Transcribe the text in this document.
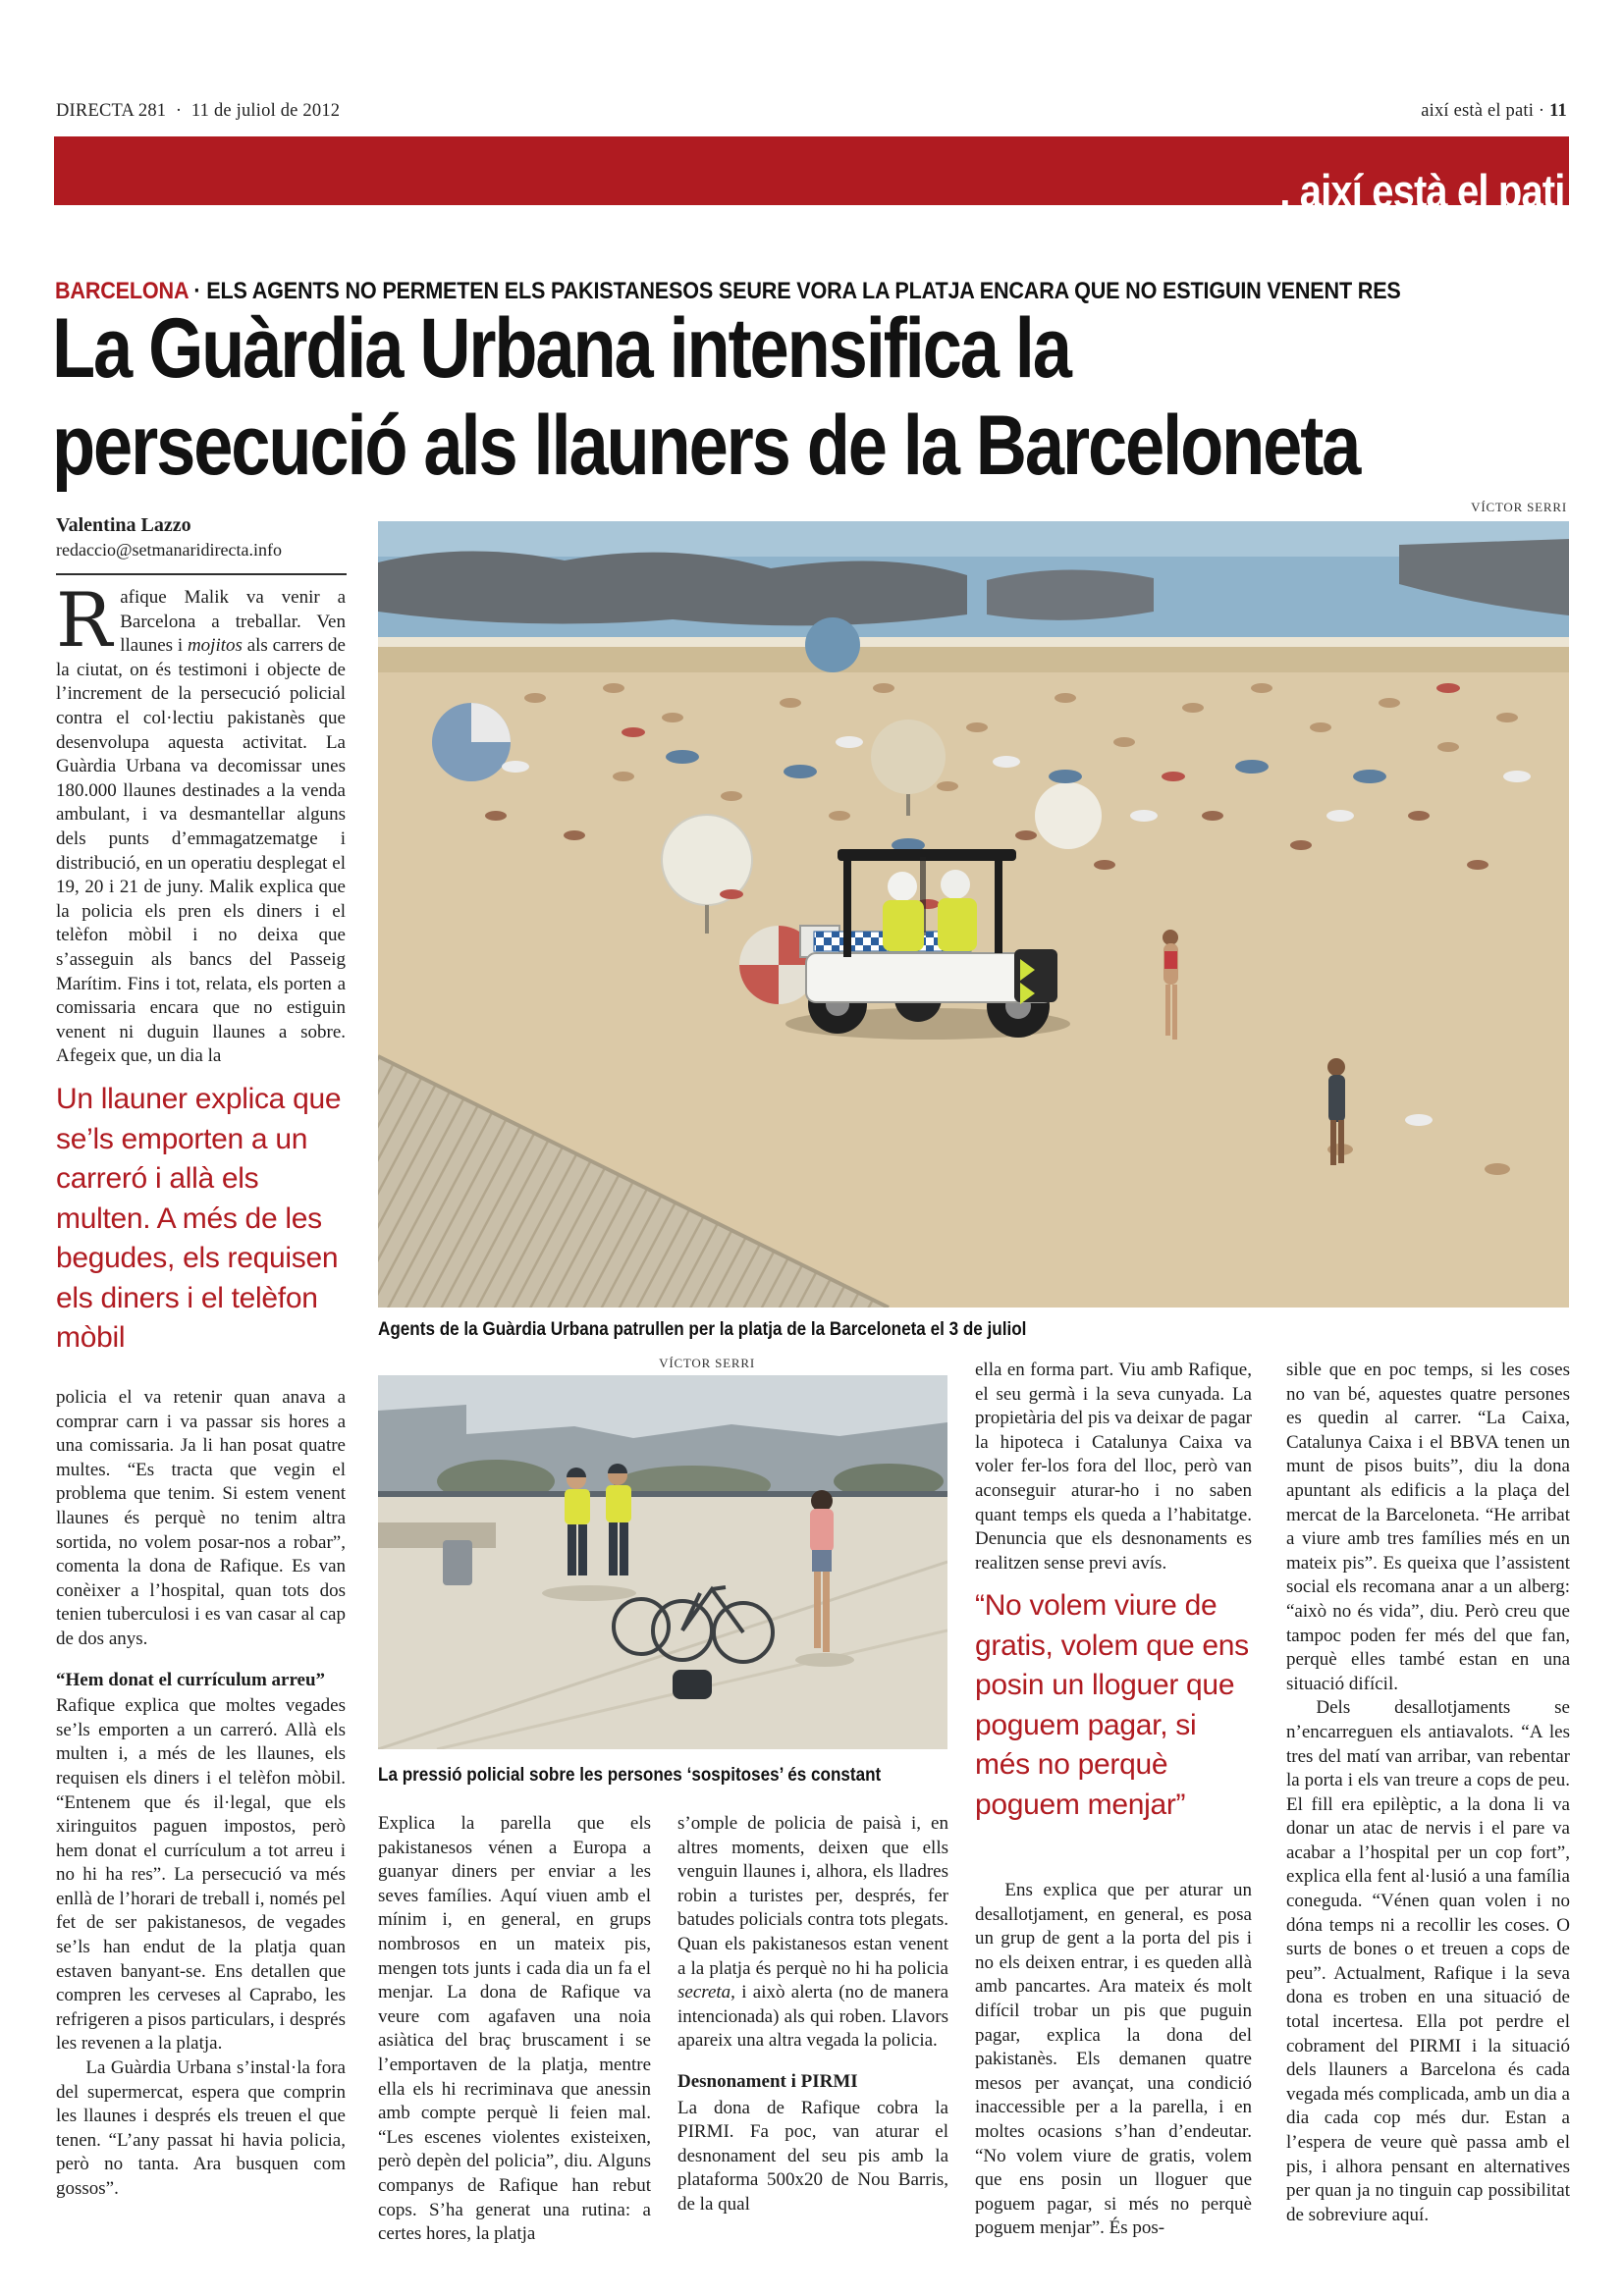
DIRECTA 281 · 11 de juliol de 2012	així està el pati · 11
, així està el pati
BARCELONA · ELS AGENTS NO PERMETEN ELS PAKISTANESOS SEURE VORA LA PLATJA ENCARA QUE NO ESTIGUIN VENENT RES
La Guàrdia Urbana intensifica la
persecució als llauners de la Barceloneta
Valentina Lazzo
redaccio@setmanaridirecta.info
VÍCTOR SERRI
Agents de la Guàrdia Urbana patrullen per la platja de la Barceloneta el 3 de juliol

Rafique Malik va venir a Barcelona a treballar. Ven llaunes i mojitos als carrers de la ciutat, on és testimoni i objecte de l’increment de la persecució policial contra el col·lectiu pakistanès que desenvolupa aquesta activitat. La Guàrdia Urbana va decomissar unes 180.000 llaunes destinades a la venda ambulant, i va desmantellar alguns dels punts d’emmagatzematge i distribució, en un operatiu desplegat el 19, 20 i 21 de juny. Malik explica que la policia els pren els diners i el telèfon mòbil i no deixa que s’asseguin als bancs del Passeig Marítim. Fins i tot, relata, els porten a comissaria encara que no estiguin venent ni duguin llaunes a sobre. Afegeix que, un dia la

Un llauner explica que se’ls emporten a un carreró i allà els multen. A més de les begudes, els requisen els diners i el telèfon mòbil

policia el va retenir quan anava a comprar carn i va passar sis hores a una comissaria. Ja li han posat quatre multes. “Es tracta que vegin el problema que tenim. Si estem venent llaunes és perquè no tenim altra sortida, no volem posar-nos a robar”, comenta la dona de Rafique. Es van conèixer a l’hospital, quan tots dos tenien tuberculosi i es van casar al cap de dos anys.

“Hem donat el currículum arreu”

Rafique explica que moltes vegades se’ls emporten a un carreró. Allà els multen i, a més de les llaunes, els requisen els diners i el telèfon mòbil. “Entenem que és il·legal, que els xiringuitos paguen impostos, però hem donat el currículum a tot arreu i no hi ha res”. La persecució va més enllà de l’horari de treball i, només pel fet de ser pakistanesos, de vegades se’ls han endut de la platja quan estaven banyant-se. Ens detallen que compren les cerveses al Caprabo, les refrigeren a pisos particulars, i després les revenen a la platja.

La Guàrdia Urbana s’instal·la fora del supermercat, espera que comprin les llaunes i després els treuen el que tenen. “L’any passat hi havia policia, però no tanta. Ara busquen com gossos”.

VÍCTOR SERRI
La pressió policial sobre les persones ‘sospitoses’ és constant

Explica la parella que els pakistanesos vénen a Europa a guanyar diners per enviar a les seves famílies. Aquí viuen amb el mínim i, en general, en grups nombrosos en un mateix pis, mengen tots junts i cada dia un fa el menjar. La dona de Rafique va veure com agafaven una noia asiàtica del braç bruscament i se l’emportaven de la platja, mentre ella els hi recriminava que anessin amb compte perquè li feien mal. “Les escenes violentes existeixen, però depèn del policia”, diu. Alguns companys de Rafique han rebut cops. S’ha generat una rutina: a certes hores, la platja

s’omple de policia de paisà i, en altres moments, deixen que ells venguin llaunes i, alhora, els lladres robin a turistes per, després, fer batudes policials contra tots plegats. Quan els pakistanesos estan venent a la platja és perquè no hi ha policia secreta, i això alerta (no de manera intencionada) als qui roben. Llavors apareix una altra vegada la policia.

Desnonament i PIRMI

La dona de Rafique cobra la PIRMI. Fa poc, van aturar el desnonament del seu pis amb la plataforma 500x20 de Nou Barris, de la qual

ella en forma part. Viu amb Rafique, el seu germà i la seva cunyada. La propietària del pis va deixar de pagar la hipoteca i Catalunya Caixa va voler fer-los fora del lloc, però van aconseguir aturar-ho i no saben quant temps els queda a l’habitatge. Denuncia que els desnonaments es realitzen sense previ avís.

“No volem viure de gratis, volem que ens posin un lloguer que poguem pagar, si més no perquè poguem menjar”

Ens explica que per aturar un desallotjament, en general, es posa un grup de gent a la porta del pis i no els deixen entrar, i es queden allà amb pancartes. Ara mateix és molt difícil trobar un pis que puguin pagar, explica la dona del pakistanès. Els demanen quatre mesos per avançat, una condició inaccessible per a la parella, i en moltes ocasions s’han d’endeutar. “No volem viure de gratis, volem que ens posin un lloguer que poguem pagar, si més no perquè poguem menjar”. És pos-

sible que en poc temps, si les coses no van bé, aquestes quatre persones es quedin al carrer. “La Caixa, Catalunya Caixa i el BBVA tenen un munt de pisos buits”, diu la dona apuntant als edificis a la plaça del mercat de la Barceloneta. “He arribat a viure amb tres famílies més en un mateix pis”. Es queixa que l’assistent social els recomana anar a un alberg: “això no és vida”, diu. Però creu que tampoc poden fer més del que fan, perquè elles també estan en una situació difícil.

Dels desallotjaments se n’encarreguen els antiavalots. “A les tres del matí van arribar, van rebentar la porta i els van treure a cops de peu. El fill era epilèptic, a la dona li va donar un atac de nervis i el pare va acabar a l’hospital per un cop fort”, explica ella fent al·lusió a una família coneguda. “Vénen quan volen i no dóna temps ni a recollir les coses. O surts de bones o et treuen a cops de peu”. Actualment, Rafique i la seva dona es troben en una situació de total incertesa. Ella pot perdre el cobrament del PIRMI i la situació dels llauners a Barcelona és cada vegada més complicada, amb un dia a dia cada cop més dur. Estan a l’espera de veure què passa amb el pis, i alhora pensant en alternatives per quan ja no tinguin cap possibilitat de sobreviure aquí.
